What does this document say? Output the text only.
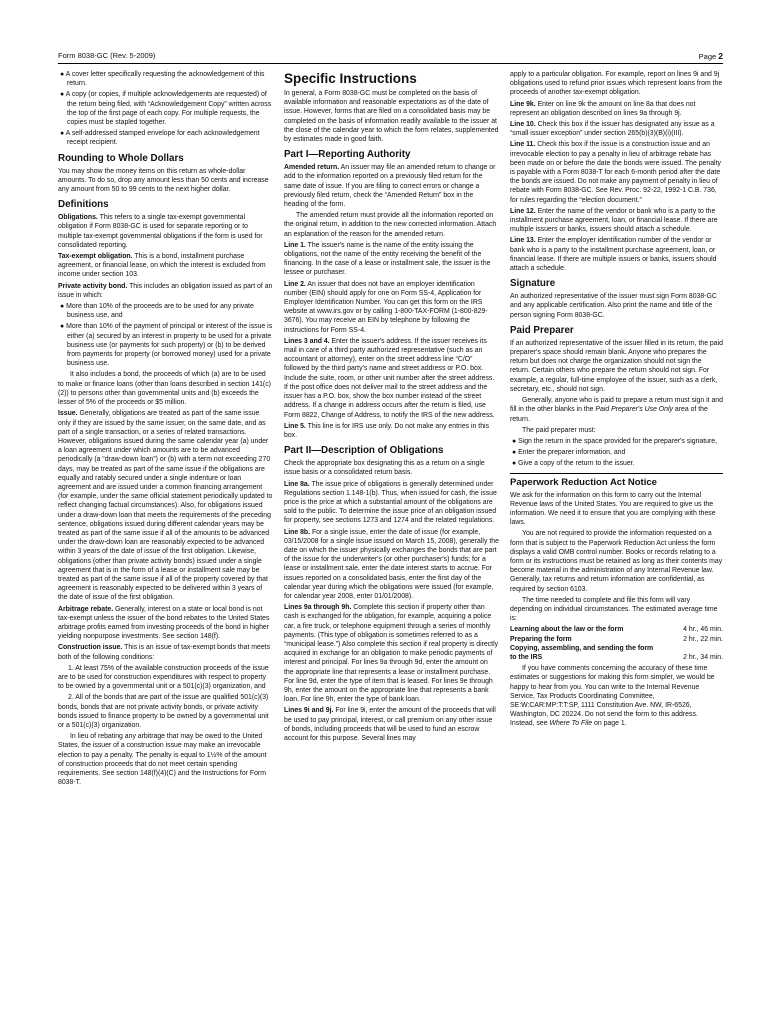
Form 8038-GC (Rev. 5-2009)	Page 2

● A cover letter specifically requesting the acknowledgement of this return.

● A copy (or copies, if multiple acknowledgements are requested) of the return being filed, with “Acknowledgement Copy” written across the top of the first page of each copy. For multiple requests, the copies must be stapled together.

● A self-addressed stamped envelope for each acknowledgement receipt recipient.

Rounding to Whole Dollars

You may show the money items on this return as whole-dollar amounts. To do so, drop any amount less than 50 cents and increase any amount from 50 to 99 cents to the next higher dollar.

Definitions

Obligations. This refers to a single tax-exempt governmental obligation if Form 8038-GC is used for separate reporting or to multiple tax-exempt governmental obligations if the form is used for consolidated reporting.

Tax-exempt obligation. This is a bond, installment purchase agreement, or financial lease, on which the interest is excluded from income under section 103.

Private activity bond. This includes an obligation issued as part of an issue in which:

● More than 10% of the proceeds are to be used for any private business use, and

● More than 10% of the payment of principal or interest of the issue is either (a) secured by an interest in property to be used for a private business use (or payments for such property) or (b) to be derived from payments for property (or borrowed money) used for a private business use.

It also includes a bond, the proceeds of which (a) are to be used to make or finance loans (other than loans described in section 141(c)(2)) to persons other than governmental units and (b) exceeds the lesser of 5% of the proceeds or $5 million.

Issue. Generally, obligations are treated as part of the same issue only if they are issued by the same issuer, on the same date, and as part of a single transaction, or a series of related transactions. However, obligations issued during the same calendar year (a) under a loan agreement under which amounts are to be advanced periodically (a “draw-down loan”) or (b) with a term not exceeding 270 days, may be treated as part of the same issue if the obligations are equally and ratably secured under a single indenture or loan agreement and are issued under a common financing arrangement (for example, under the same official statement periodically updated to reflect changing factual circumstances). Also, for obligations issued under a draw-down loan that meets the requirements of the preceding sentence, obligations issued during different calendar years may be treated as part of the same issue if all of the amounts to be advanced under the draw-down loan are reasonably expected to be advanced within 3 years of the date of issue of the first obligation. Likewise, obligations (other than private activity bonds) issued under a single agreement that is in the form of a lease or installment sale may be treated as part of the same issue if all of the property covered by that agreement is reasonably expected to be delivered within 3 years of the date of issue of the first obligation.

Arbitrage rebate. Generally, interest on a state or local bond is not tax-exempt unless the issuer of the bond rebates to the United States arbitrage profits earned from investing proceeds of the bond in higher yielding nonpurpose investments. See section 148(f).

Construction issue. This is an issue of tax-exempt bonds that meets both of the following conditions:

1. At least 75% of the available construction proceeds of the issue are to be used for construction expenditures with respect to property to be owned by a governmental unit or a 501(c)(3) organization, and

2. All of the bonds that are part of the issue are qualified 501(c)(3) bonds, bonds that are not private activity bonds, or private activity bonds issued to finance property to be owned by a governmental unit or a 501(c)(3) organization.

In lieu of rebating any arbitrage that may be owed to the United States, the issuer of a construction issue may make an irrevocable election to pay a penalty. The penalty is equal to 1½% of the amount of construction proceeds that do not meet certain spending requirements. See section 148(f)(4)(C) and the Instructions for Form 8038-T.

Specific Instructions

In general, a Form 8038-GC must be completed on the basis of available information and reasonable expectations as of the date of issue. However, forms that are filed on a consolidated basis may be completed on the basis of information readily available to the issuer at the close of the calendar year to which the form relates, supplemented by estimates made in good faith.

Part I—Reporting Authority

Amended return. An issuer may file an amended return to change or add to the information reported on a previously filed return for the same date of issue. If you are filing to correct errors or change a previously filed return, check the “Amended Return” box in the heading of the form.

The amended return must provide all the information reported on the original return, in addition to the new corrected information. Attach an explanation of the reason for the amended return.

Line 1. The issuer's name is the name of the entity issuing the obligations, not the name of the entity receiving the benefit of the financing. In the case of a lease or installment sale, the issuer is the lessee or purchaser.

Line 2. An issuer that does not have an employer identification number (EIN) should apply for one on Form SS-4, Application for Employer Identification Number. You can get this form on the IRS website at www.irs.gov or by calling 1-800-TAX-FORM (1-800-829-3676). You may receive an EIN by telephone by following the instructions for Form SS-4.

Lines 3 and 4. Enter the issuer's address. If the issuer receives its mail in care of a third party authorized representative (such as an accountant or attorney), enter on the street address line “C/O” followed by the third party's name and street address or P.O. box. Include the suite, room, or other unit number after the street address. If the post office does not deliver mail to the street address and the issuer has a P.O. box, show the box number instead of the street address. If a change in address occurs after the return is filed, use Form 8822, Change of Address, to notify the IRS of the new address.

Line 5. This line is for IRS use only. Do not make any entries in this box.

Part II—Description of Obligations

Check the appropriate box designating this as a return on a single issue basis or a consolidated return basis.

Line 8a. The issue price of obligations is generally determined under Regulations section 1.148-1(b). Thus, when issued for cash, the issue price is the price at which a substantial amount of the obligations are sold to the public. To determine the issue price of an obligation issued for property, see sections 1273 and 1274 and the related regulations.

Line 8b. For a single issue, enter the date of issue (for example, 03/15/2008 for a single issue issued on March 15, 2008), generally the date on which the issuer physically exchanges the bonds that are part of the issue for the underwriter's (or other purchaser's) funds; for a lease or installment sale, enter the date interest starts to accrue. For issues reported on a consolidated basis, enter the first day of the calendar year during which the obligations were issued (for example, for calendar year 2008, enter 01/01/2008).

Lines 9a through 9h. Complete this section if property other than cash is exchanged for the obligation, for example, acquiring a police car, a fire truck, or telephone equipment through a series of monthly payments. (This type of obligation is sometimes referred to as a “municipal lease.”) Also complete this section if real property is directly acquired in exchange for an obligation to make periodic payments of interest and principal. For lines 9a through 9d, enter the amount on the appropriate line that represents a lease or installment purchase. For line 9d, enter the type of item that is leased. For lines 9e through 9h, enter the amount on the appropriate line that represents a bank loan. For line 9h, enter the type of bank loan.

Lines 9i and 9j. For line 9i, enter the amount of the proceeds that will be used to pay principal, interest, or call premium on any other issue of bonds, including proceeds that will be used to fund an escrow account for this purpose. Several lines may

apply to a particular obligation. For example, report on lines 9i and 9j obligations used to refund prior issues which represent loans from the proceeds of another tax-exempt obligation.

Line 9k. Enter on line 9k the amount on line 8a that does not represent an obligation described on lines 9a through 9j.

Line 10. Check this box if the issuer has designated any issue as a “small issuer exception” under section 265(b)(3)(B)(i)(III).

Line 11. Check this box if the issue is a construction issue and an irrevocable election to pay a penalty in lieu of arbitrage rebate has been made on or before the date the bonds were issued. The penalty is payable with a Form 8038-T for each 6-month period after the date the bonds are issued. Do not make any payment of penalty in lieu of rebate with Form 8038-GC. See Rev. Proc. 92-22, 1992-1 C.B. 736, for rules regarding the “election document.”

Line 12. Enter the name of the vendor or bank who is a party to the installment purchase agreement, loan, or financial lease. If there are multiple issuers or banks, issuers should attach a schedule.

Line 13. Enter the employer identification number of the vendor or bank who is a party to the installment purchase agreement, loan, or financial lease. If there are multiple issuers or banks, issuers should attach a schedule.

Signature

An authorized representative of the issuer must sign Form 8038-GC and any applicable certification. Also print the name and title of the person signing Form 8038-GC.

Paid Preparer

If an authorized representative of the issuer filled in its return, the paid preparer's space should remain blank. Anyone who prepares the return but does not charge the organization should not sign the return. Certain others who prepare the return should not sign. For example, a regular, full-time employee of the issuer, such as a clerk, secretary, etc., should not sign.

Generally, anyone who is paid to prepare a return must sign it and fill in the other blanks in the Paid Preparer's Use Only area of the return.

The paid preparer must:

● Sign the return in the space provided for the preparer's signature,

● Enter the preparer information, and

● Give a copy of the return to the issuer.

Paperwork Reduction Act Notice

We ask for the information on this form to carry out the Internal Revenue laws of the United States. You are required to give us the information. We need it to ensure that you are complying with these laws.

You are not required to provide the information requested on a form that is subject to the Paperwork Reduction Act unless the form displays a valid OMB control number. Books or records relating to a form or its instructions must be retained as long as their contents may become material in the administration of any Internal Revenue law. Generally, tax returns and return information are confidential, as required by section 6103.

The time needed to complete and file this form will vary depending on individual circumstances. The estimated average time is:

Learning about the law or the form	4 hr., 46 min.
Preparing the form	2 hr., 22 min.
Copying, assembling, and sending the form to the IRS	2 hr., 34 min.

If you have comments concerning the accuracy of these time estimates or suggestions for making this form simpler, we would be happy to hear from you. You can write to the Internal Revenue Service, Tax Products Coordinating Committee, SE:W:CAR:MP:T:T:SP, 1111 Constitution Ave. NW, IR-6526, Washington, DC 20224. Do not send the form to this address. Instead, see Where To File on page 1.
